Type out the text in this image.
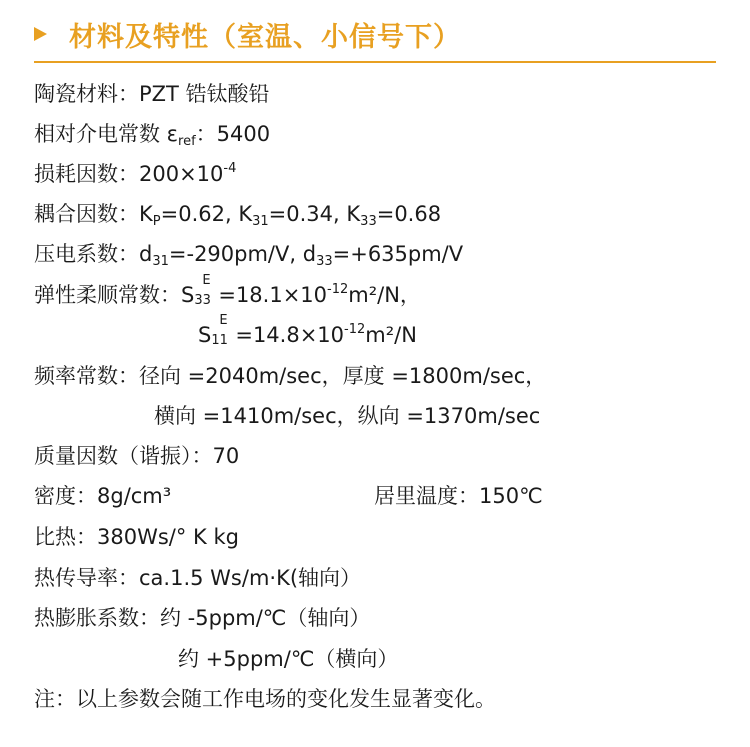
材料及特性（室温、小信号下）
陶瓷材料：PZT 锆钛酸铅
相对介电常数 $\varepsilon_{ref}$：5400
损耗因数：$200\times 10^{-4}$
耦合因数：$K_P=0.62$, $K_{31}=0.34$, $K_{33}=0.68$
压电系数：$d_{31}=-290pm/V$, $d_{33}=+635pm/V$
弹性柔顺常数：S
E
$33 =18.1\times 10^{-12}m^2/N$，
S
E
$11 =14.8\times 10^{-12}m^2/N$
频率常数：径向 =2040m/sec，厚度 =1800m/sec，
横向 =1410m/sec，纵向 =1370m/sec
质量因数（谐振）：70
密度：8g/cm³	居里温度：150℃
比热：380Ws/° K kg
热传导率：ca.1.5 Ws/m·K(轴向）
热膨胀系数：约 -5ppm/℃（轴向）
约 +5ppm/℃（横向）
注：以上参数会随工作电场的变化发生显著变化。
